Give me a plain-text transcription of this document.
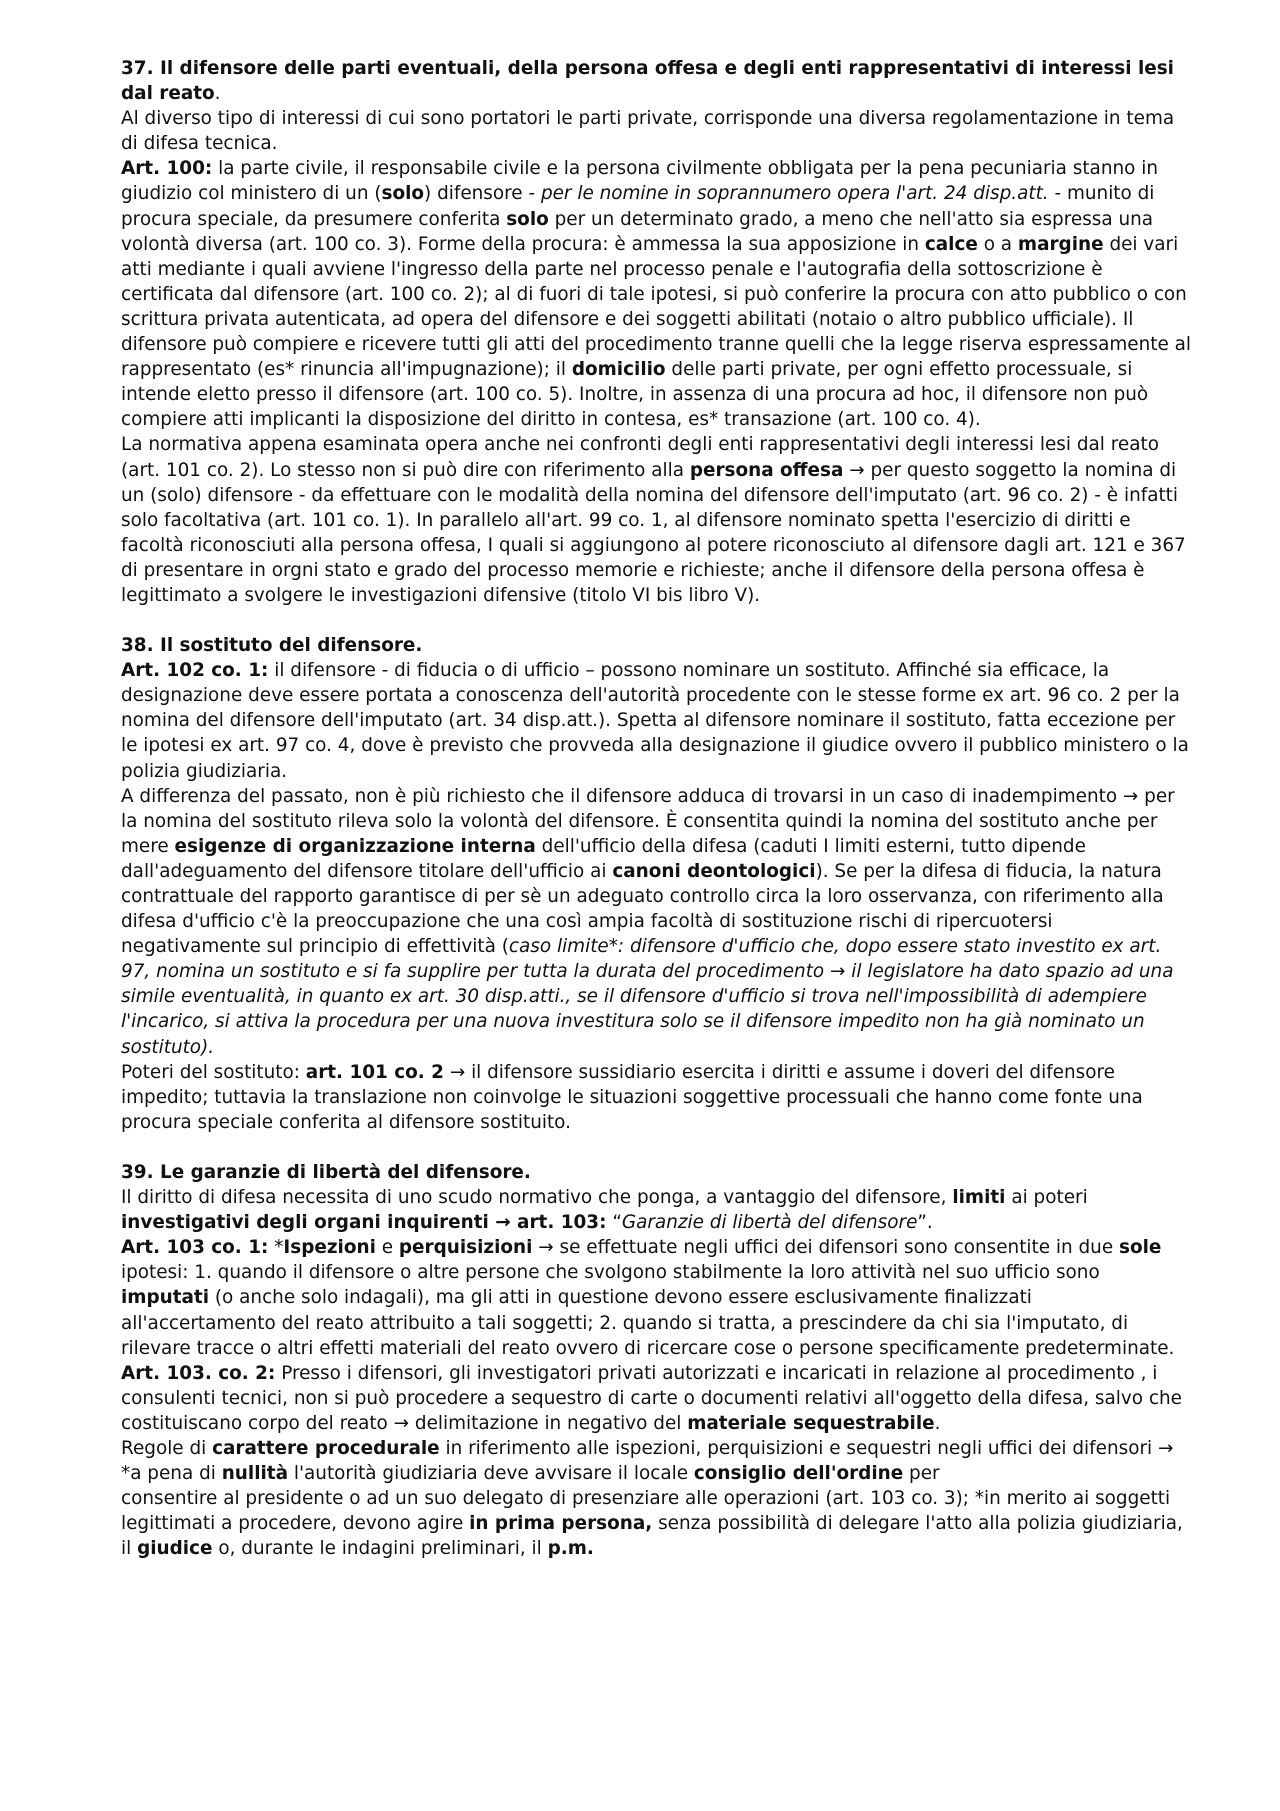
37. Il difensore delle parti eventuali, della persona offesa e degli enti rappresentativi di interessi lesi dal reato.

Al diverso tipo di interessi di cui sono portatori le parti private, corrisponde una diversa regolamentazione in tema di difesa tecnica.

Art. 100: la parte civile, il responsabile civile e la persona civilmente obbligata per la pena pecuniaria stanno in giudizio col ministero di un (solo) difensore - per le nomine in soprannumero opera l'art. 24 disp.att. - munito di procura speciale, da presumere conferita solo per un determinato grado, a meno che nell'atto sia espressa una volontà diversa (art. 100 co. 3). Forme della procura: è ammessa la sua apposizione in calce o a margine dei vari atti mediante i quali avviene l'ingresso della parte nel processo penale e l'autografia della sottoscrizione è certificata dal difensore (art. 100 co. 2); al di fuori di tale ipotesi, si può conferire la procura con atto pubblico o con scrittura privata autenticata, ad opera del difensore e dei soggetti abilitati (notaio o altro pubblico ufficiale). Il difensore può compiere e ricevere tutti gli atti del procedimento tranne quelli che la legge riserva espressamente al rappresentato (es* rinuncia all'impugnazione); il domicilio delle parti private, per ogni effetto processuale, si intende eletto presso il difensore (art. 100 co. 5). Inoltre, in assenza di una procura ad hoc, il difensore non può compiere atti implicanti la disposizione del diritto in contesa, es* transazione (art. 100 co. 4).

La normativa appena esaminata opera anche nei confronti degli enti rappresentativi degli interessi lesi dal reato (art. 101 co. 2). Lo stesso non si può dire con riferimento alla persona offesa → per questo soggetto la nomina di un (solo) difensore - da effettuare con le modalità della nomina del difensore dell'imputato (art. 96 co. 2) - è infatti solo facoltativa (art. 101 co. 1). In parallelo all'art. 99 co. 1, al difensore nominato spetta l'esercizio di diritti e facoltà riconosciuti alla persona offesa, I quali si aggiungono al potere riconosciuto al difensore dagli art. 121 e 367 di presentare in orgni stato e grado del processo memorie e richieste; anche il difensore della persona offesa è legittimato a svolgere le investigazioni difensive (titolo VI bis libro V).

38. Il sostituto del difensore.

Art. 102 co. 1: il difensore - di fiducia o di ufficio – possono nominare un sostituto. Affinché sia efficace, la designazione deve essere portata a conoscenza dell'autorità procedente con le stesse forme ex art. 96 co. 2 per la nomina del difensore dell'imputato (art. 34 disp.att.). Spetta al difensore nominare il sostituto, fatta eccezione per le ipotesi ex art. 97 co. 4, dove è previsto che provveda alla designazione il giudice ovvero il pubblico ministero o la polizia giudiziaria.

A differenza del passato, non è più richiesto che il difensore adduca di trovarsi in un caso di inadempimento → per la nomina del sostituto rileva solo la volontà del difensore. È consentita quindi la nomina del sostituto anche per mere esigenze di organizzazione interna dell'ufficio della difesa (caduti I limiti esterni, tutto dipende dall'adeguamento del difensore titolare dell'ufficio ai canoni deontologici). Se per la difesa di fiducia, la natura contrattuale del rapporto garantisce di per sè un adeguato controllo circa la loro osservanza, con riferimento alla difesa d'ufficio c'è la preoccupazione che una così ampia facoltà di sostituzione rischi di ripercuotersi negativamente sul principio di effettività (caso limite*: difensore d'ufficio che, dopo essere stato investito ex art. 97, nomina un sostituto e si fa supplire per tutta la durata del procedimento → il legislatore ha dato spazio ad una simile eventualità, in quanto ex art. 30 disp.atti., se il difensore d'ufficio si trova nell'impossibilità di adempiere l'incarico, si attiva la procedura per una nuova investitura solo se il difensore impedito non ha già nominato un sostituto).

Poteri del sostituto: art. 101 co. 2 → il difensore sussidiario esercita i diritti e assume i doveri del difensore impedito; tuttavia la translazione non coinvolge le situazioni soggettive processuali che hanno come fonte una procura speciale conferita al difensore sostituito.

39. Le garanzie di libertà del difensore.

Il diritto di difesa necessita di uno scudo normativo che ponga, a vantaggio del difensore, limiti ai poteri investigativi degli organi inquirenti → art. 103: “Garanzie di libertà del difensore”.

Art. 103 co. 1: *Ispezioni e perquisizioni → se effettuate negli uffici dei difensori sono consentite in due sole ipotesi: 1. quando il difensore o altre persone che svolgono stabilmente la loro attività nel suo ufficio sono imputati (o anche solo indagali), ma gli atti in questione devono essere esclusivamente finalizzati all'accertamento del reato attribuito a tali soggetti; 2. quando si tratta, a prescindere da chi sia l'imputato, di rilevare tracce o altri effetti materiali del reato ovvero di ricercare cose o persone specificamente predeterminate.

Art. 103. co. 2: Presso i difensori, gli investigatori privati autorizzati e incaricati in relazione al procedimento , i consulenti tecnici, non si può procedere a sequestro di carte o documenti relativi all'oggetto della difesa, salvo che costituiscano corpo del reato → delimitazione in negativo del materiale sequestrabile.

Regole di carattere procedurale in riferimento alle ispezioni, perquisizioni e sequestri negli uffici dei difensori → *a pena di nullità l'autorità giudiziaria deve avvisare il locale consiglio dell'ordine per

consentire al presidente o ad un suo delegato di presenziare alle operazioni (art. 103 co. 3); *in merito ai soggetti legittimati a procedere, devono agire in prima persona, senza possibilità di delegare l'atto alla polizia giudiziaria, il giudice o, durante le indagini preliminari, il p.m.
